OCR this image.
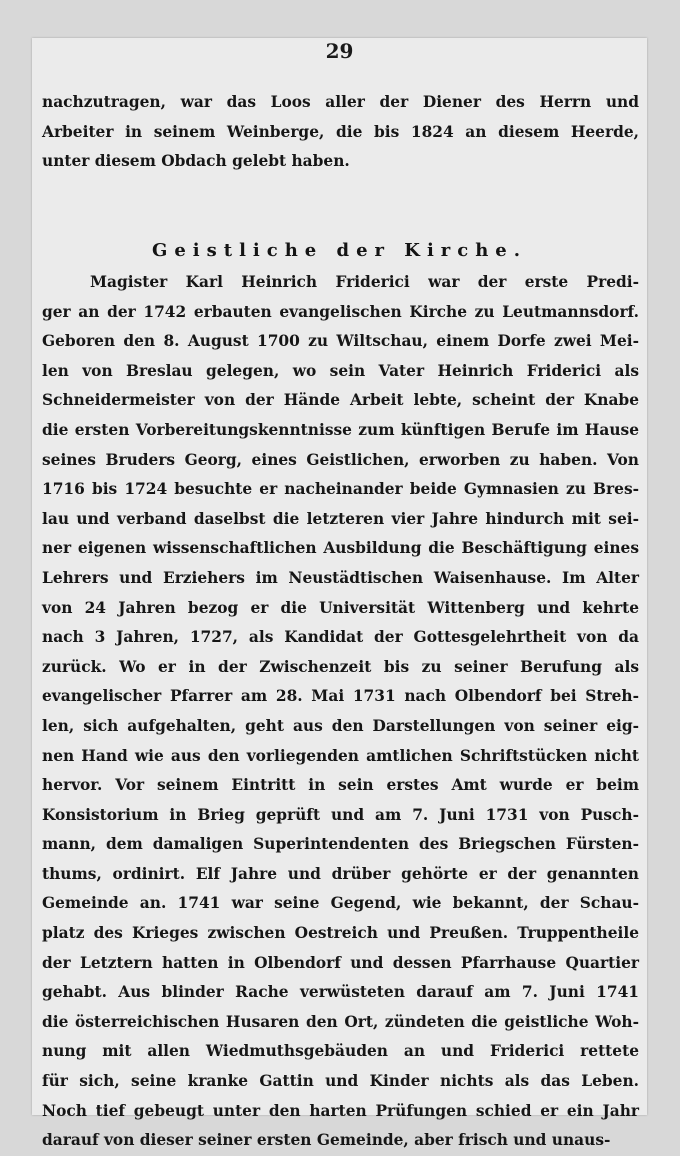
29
nachzutragen, war das Loos aller der Diener des Herrn und
Arbeiter in seinem Weinberge, die bis 1824 an diesem Heerde,
unter diesem Obdach gelebt haben.
Geistliche der Kirche.
Magister Karl Heinrich Friderici war der erste Predi-
ger an der 1742 erbauten evangelischen Kirche zu Leutmannsdorf.
Geboren den 8. August 1700 zu Wiltschau, einem Dorfe zwei Mei-
len von Breslau gelegen, wo sein Vater Heinrich Friderici als
Schneidermeister von der Hände Arbeit lebte, scheint der Knabe
die ersten Vorbereitungskenntnisse zum künftigen Berufe im Hause
seines Bruders Georg, eines Geistlichen, erworben zu haben. Von
1716 bis 1724 besuchte er nacheinander beide Gymnasien zu Bres-
lau und verband daselbst die letzteren vier Jahre hindurch mit sei-
ner eigenen wissenschaftlichen Ausbildung die Beschäftigung eines
Lehrers und Erziehers im Neustädtischen Waisenhause. Im Alter
von 24 Jahren bezog er die Universität Wittenberg und kehrte
nach 3 Jahren, 1727, als Kandidat der Gottesgelehrtheit von da
zurück. Wo er in der Zwischenzeit bis zu seiner Berufung als
evangelischer Pfarrer am 28. Mai 1731 nach Olbendorf bei Streh-
len, sich aufgehalten, geht aus den Darstellungen von seiner eig-
nen Hand wie aus den vorliegenden amtlichen Schriftstücken nicht
hervor. Vor seinem Eintritt in sein erstes Amt wurde er beim
Konsistorium in Brieg geprüft und am 7. Juni 1731 von Pusch-
mann, dem damaligen Superintendenten des Briegschen Fürsten-
thums, ordinirt. Elf Jahre und drüber gehörte er der genannten
Gemeinde an. 1741 war seine Gegend, wie bekannt, der Schau-
platz des Krieges zwischen Oestreich und Preußen. Truppentheile
der Letztern hatten in Olbendorf und dessen Pfarrhause Quartier
gehabt. Aus blinder Rache verwüsteten darauf am 7. Juni 1741
die österreichischen Husaren den Ort, zündeten die geistliche Woh-
nung mit allen Wiedmuthsgebäuden an und Friderici rettete
für sich, seine kranke Gattin und Kinder nichts als das Leben.
Noch tief gebeugt unter den harten Prüfungen schied er ein Jahr
darauf von dieser seiner ersten Gemeinde, aber frisch und unaus-
